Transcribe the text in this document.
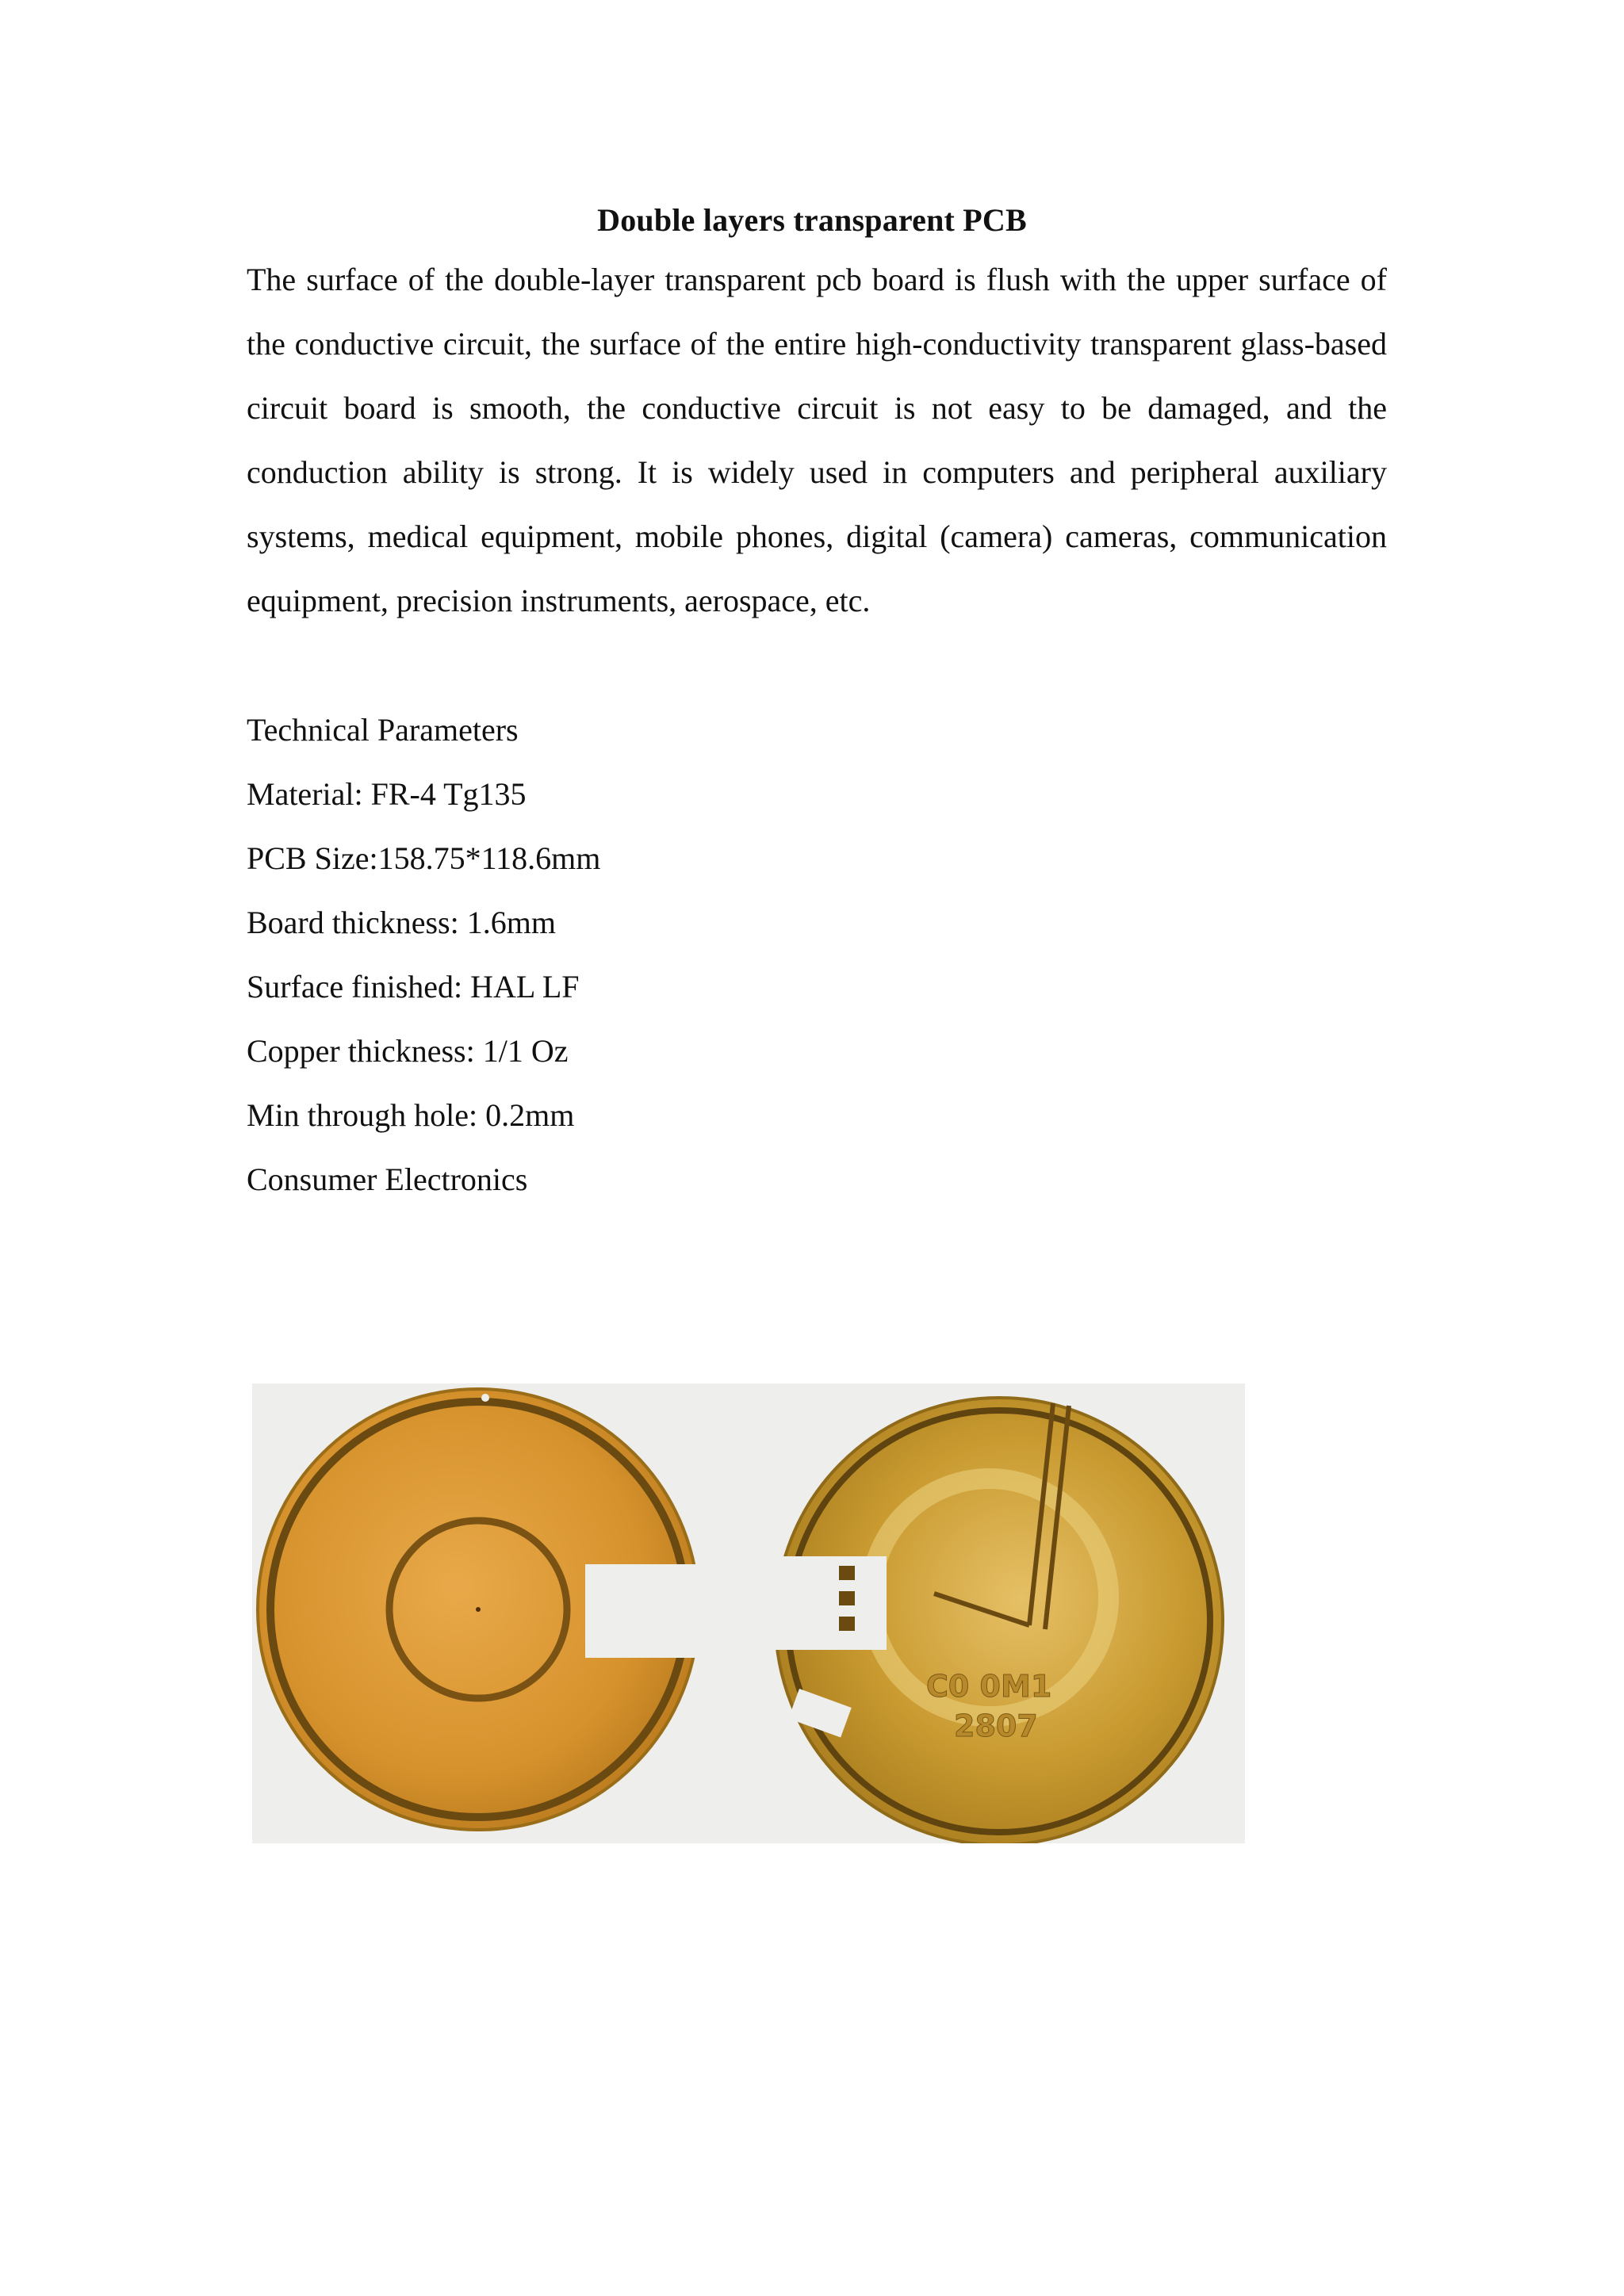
Double layers transparent PCB
The surface of the double-layer transparent pcb board is flush with the upper surface of the conductive circuit, the surface of the entire high-conductivity transparent glass-based circuit board is smooth, the conductive circuit is not easy to be damaged, and the conduction ability is strong. It is widely used in computers and peripheral auxiliary systems, medical equipment, mobile phones, digital (camera) cameras, communication equipment, precision instruments, aerospace, etc.
Technical Parameters
Material: FR-4 Tg135
PCB Size:158.75*118.6mm
Board thickness: 1.6mm
Surface finished: HAL LF
Copper thickness: 1/1 Oz
Min through hole: 0.2mm
Consumer Electronics
C0 0M1
2807
